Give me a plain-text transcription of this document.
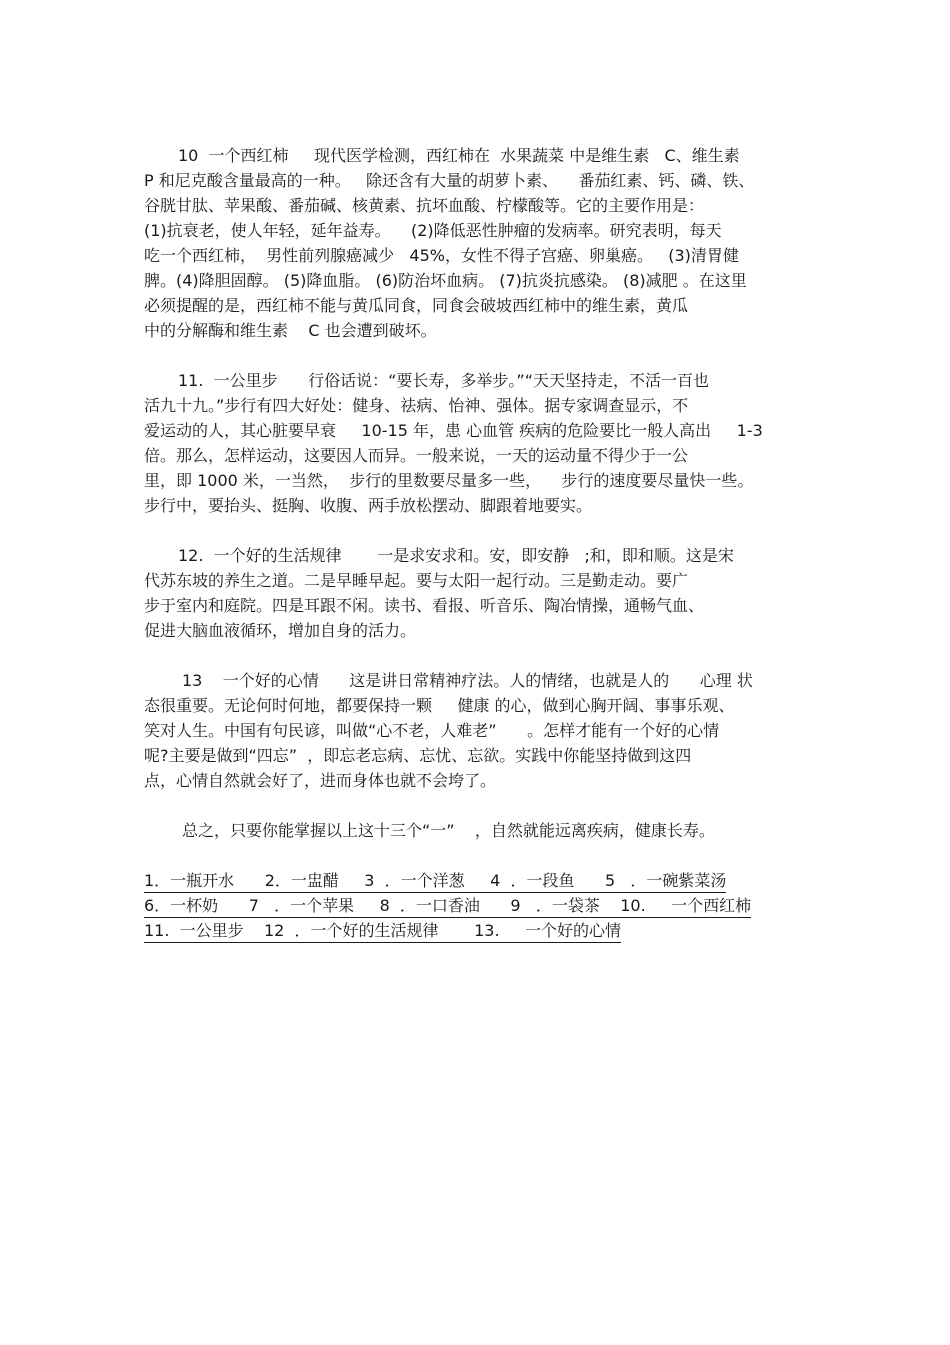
10  一个西红柿     现代医学检测，西红柿在  水果蔬菜 中是维生素   C、维生素
P 和尼克酸含量最高的一种。   除还含有大量的胡萝卜素、    番茄红素、钙、磷、铁、
谷胱甘肽、苹果酸、番茄碱、核黄素、抗坏血酸、柠檬酸等。它的主要作用是：
(1)抗衰老，使人年轻，延年益寿。    (2)降低恶性肿瘤的发病率。研究表明，每天
吃一个西红柿，  男性前列腺癌减少   45%，女性不得子宫癌、卵巢癌。   (3)清胃健
脾。(4)降胆固醇。 (5)降血脂。 (6)防治坏血病。 (7)抗炎抗感染。 (8)减肥 。在这里
必须提醒的是，西红柿不能与黄瓜同食，同食会破坡西红柿中的维生素，黄瓜
中的分解酶和维生素    C 也会遭到破坏。
11.  一公里步      行俗话说：“要长寿，多举步。”“天天坚持走，不活一百也
活九十九。”步行有四大好处：健身、祛病、怡神、强体。据专家调查显示，不
爱运动的人，其心脏要早衰     10-15 年，患 心血管 疾病的危险要比一般人高出     1-3
倍。那么，怎样运动，这要因人而异。一般来说，一天的运动量不得少于一公
里，即 1000 米，一当然，  步行的里数要尽量多一些，    步行的速度要尽量快一些。
步行中，要抬头、挺胸、收腹、两手放松摆动、脚跟着地要实。
12.  一个好的生活规律       一是求安求和。安，即安静   ;和，即和顺。这是宋
代苏东坡的养生之道。二是早睡早起。要与太阳一起行动。三是勤走动。要广
步于室内和庭院。四是耳跟不闲。读书、看报、听音乐、陶冶情操，通畅气血、
促进大脑血液循环，增加自身的活力。
13    一个好的心情      这是讲日常精神疗法。人的情绪，也就是人的      心理 状
态很重要。无论何时何地，都要保持一颗     健康 的心，做到心胸开阔、事事乐观、
笑对人生。中国有句民谚，叫做“心不老，人难老”      。怎样才能有一个好的心情
呢?主要是做到“四忘”  ，即忘老忘病、忘忧、忘欲。实践中你能坚持做到这四
点，心情自然就会好了，进而身体也就不会垮了。
总之，只要你能掌握以上这十三个“一”    ，自然就能远离疾病，健康长寿。
1．一瓶开水      2．一盅醋     3  ．一个洋葱     4  ．一段鱼      5   ．一碗紫菜汤
6．一杯奶      7   ．一个苹果     8  ．一口香油      9   ．一袋茶    10.     一个西红柿
11.  一公里步    12  ．一个好的生活规律       13.     一个好的心情
